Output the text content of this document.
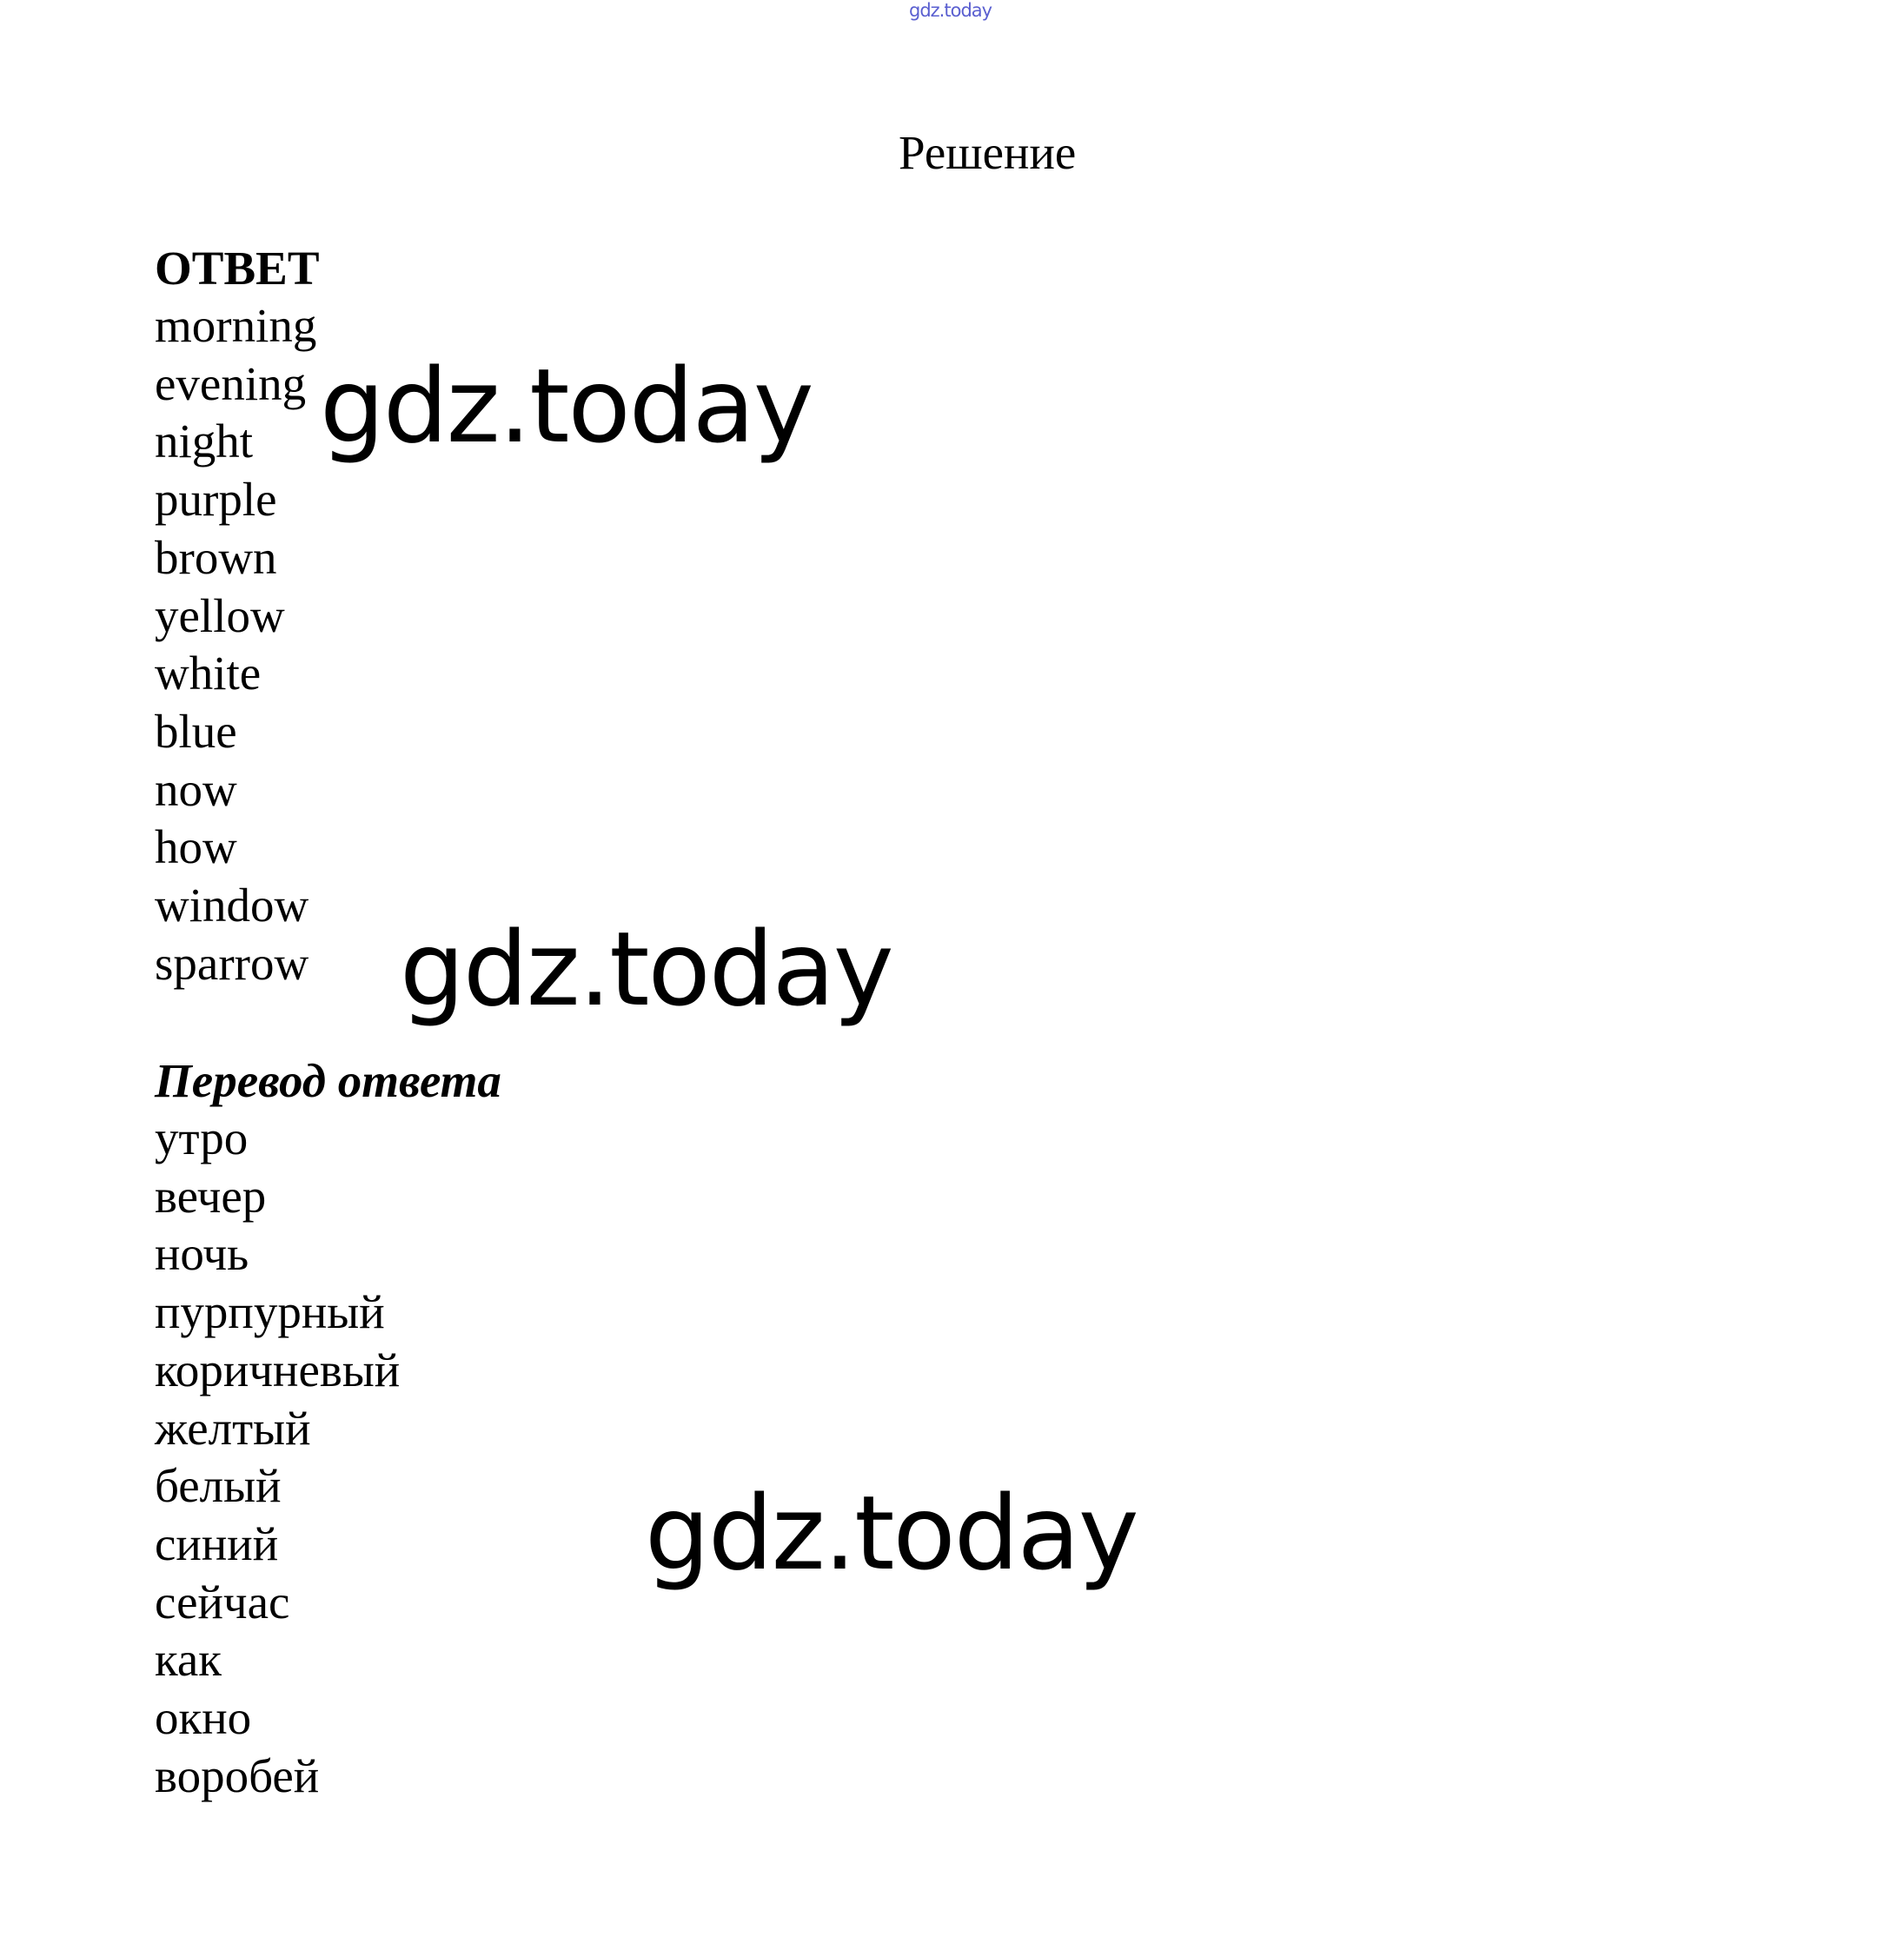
gdz.today
Решение
ОТВЕТ
morning
evening
night
purple
brown
yellow
white
blue
now
how
window
sparrow
Перевод ответа
утро
вечер
ночь
пурпурный
коричневый
желтый
белый
синий
сейчас
как
окно
воробей
gdz.today
gdz.today
gdz.today
